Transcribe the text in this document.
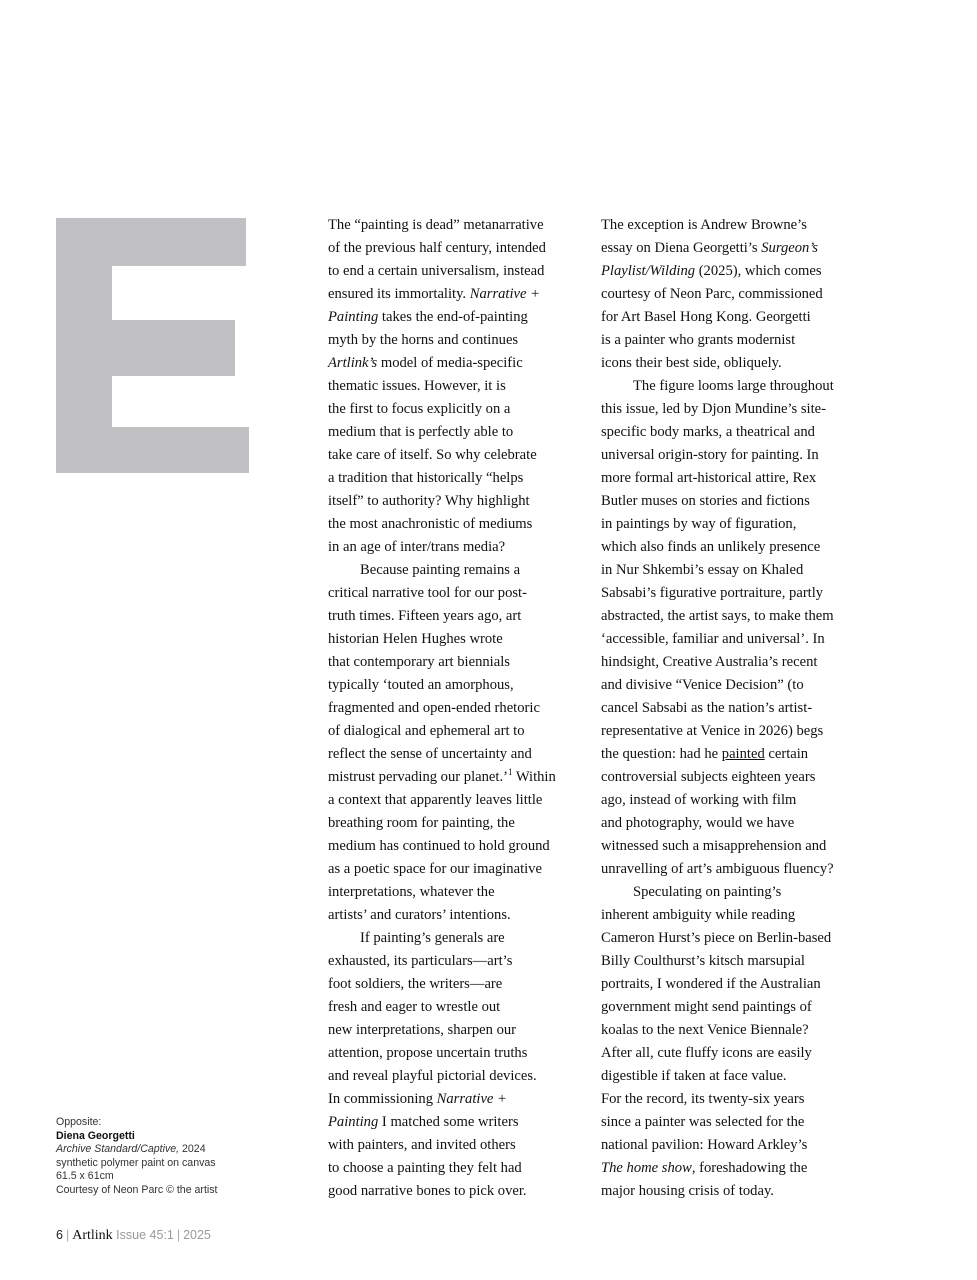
The “painting is dead” metanarrative
of the previous half century, intended
to end a certain universalism, instead
ensured its immortality. Narrative +
Painting takes the end-of-painting
myth by the horns and continues
Artlink’s model of media-specific
thematic issues. However, it is
the first to focus explicitly on a
medium that is perfectly able to
take care of itself. So why celebrate
a tradition that historically “helps
itself” to authority? Why highlight
the most anachronistic of mediums
in an age of inter/trans media?
Because painting remains a
critical narrative tool for our post-
truth times. Fifteen years ago, art
historian Helen Hughes wrote
that contemporary art biennials
typically ‘touted an amorphous,
fragmented and open-ended rhetoric
of dialogical and ephemeral art to
reflect the sense of uncertainty and
mistrust pervading our planet.’$^1$ Within
a context that apparently leaves little
breathing room for painting, the
medium has continued to hold ground
as a poetic space for our imaginative
interpretations, whatever the
artists’ and curators’ intentions.
If painting’s generals are
exhausted, its particulars—art’s
foot soldiers, the writers—are
fresh and eager to wrestle out
new interpretations, sharpen our
attention, propose uncertain truths
and reveal playful pictorial devices.
In commissioning Narrative +
Painting I matched some writers
with painters, and invited others
to choose a painting they felt had
good narrative bones to pick over.
The exception is Andrew Browne’s
essay on Diena Georgetti’s Surgeon’s
Playlist/Wilding (2025), which comes
courtesy of Neon Parc, commissioned
for Art Basel Hong Kong. Georgetti
is a painter who grants modernist
icons their best side, obliquely.
The figure looms large throughout
this issue, led by Djon Mundine’s site-
specific body marks, a theatrical and
universal origin-story for painting. In
more formal art-historical attire, Rex
Butler muses on stories and fictions
in paintings by way of figuration,
which also finds an unlikely presence
in Nur Shkembi’s essay on Khaled
Sabsabi’s figurative portraiture, partly
abstracted, the artist says, to make them
‘accessible, familiar and universal’. In
hindsight, Creative Australia’s recent
and divisive “Venice Decision” (to
cancel Sabsabi as the nation’s artist-
representative at Venice in 2026) begs
the question: had he painted certain
controversial subjects eighteen years
ago, instead of working with film
and photography, would we have
witnessed such a misapprehension and
unravelling of art’s ambiguous fluency?
Speculating on painting’s
inherent ambiguity while reading
Cameron Hurst’s piece on Berlin-based
Billy Coulthurst’s kitsch marsupial
portraits, I wondered if the Australian
government might send paintings of
koalas to the next Venice Biennale?
After all, cute fluffy icons are easily
digestible if taken at face value.
For the record, its twenty-six years
since a painter was selected for the
national pavilion: Howard Arkley’s
The home show, foreshadowing the
major housing crisis of today.
Opposite:
Diena Georgetti
Archive Standard/Captive, 2024
synthetic polymer paint on canvas
61.5 x 61cm
Courtesy of Neon Parc © the artist
6 | Artlink Issue 45:1 | 2025
